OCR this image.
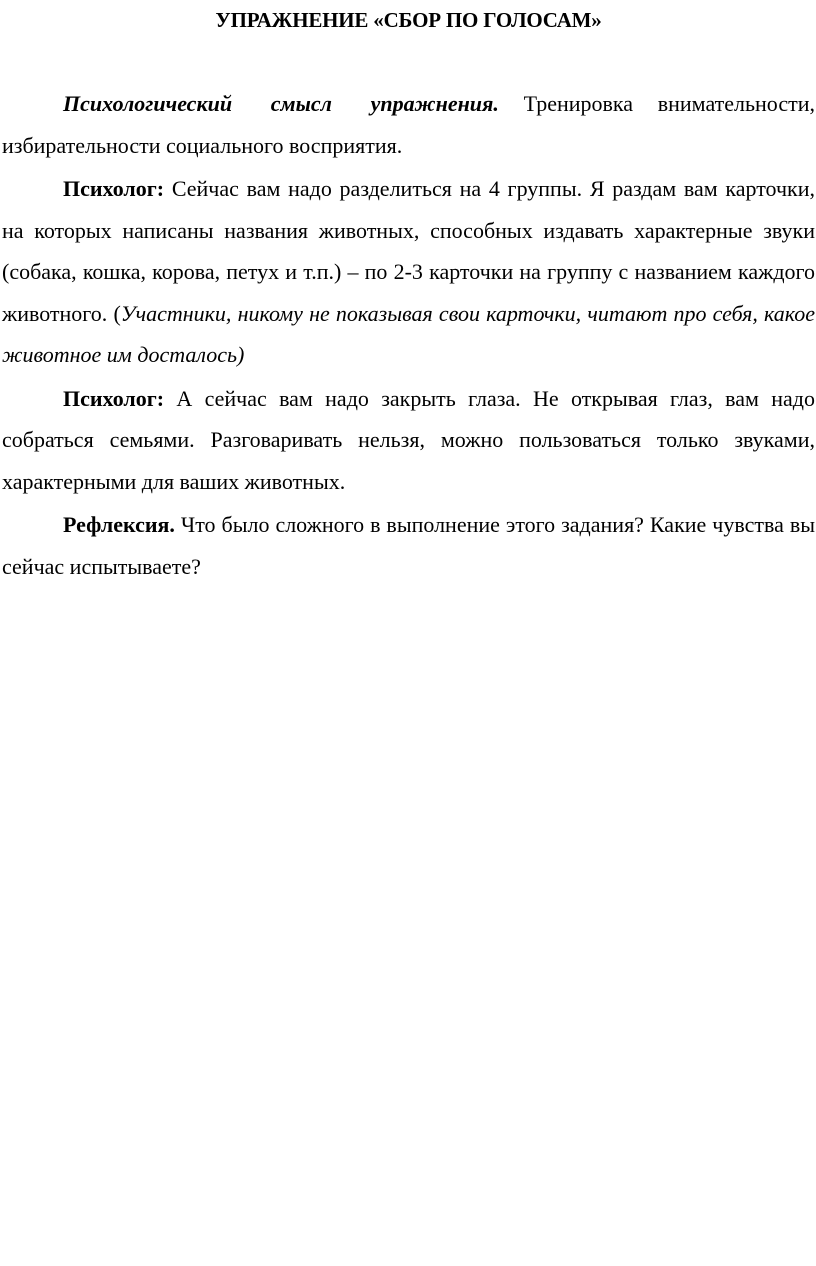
УПРАЖНЕНИЕ «СБОР ПО ГОЛОСАМ»

Психологический смысл упражнения. Тренировка внимательности, избирательности социального восприятия.

Психолог: Сейчас вам надо разделиться на 4 группы. Я раздам вам карточки, на которых написаны названия животных, способных издавать характерные звуки (собака, кошка, корова, петух и т.п.) – по 2-3 карточки на группу с названием каждого животного. (Участники, никому не показывая свои карточки, читают про себя, какое животное им досталось)

Психолог: А сейчас вам надо закрыть глаза. Не открывая глаз, вам надо собраться семьями. Разговаривать нельзя, можно пользоваться только звуками, характерными для ваших животных.

Рефлексия. Что было сложного в выполнение этого задания? Какие чувства вы сейчас испытываете?
